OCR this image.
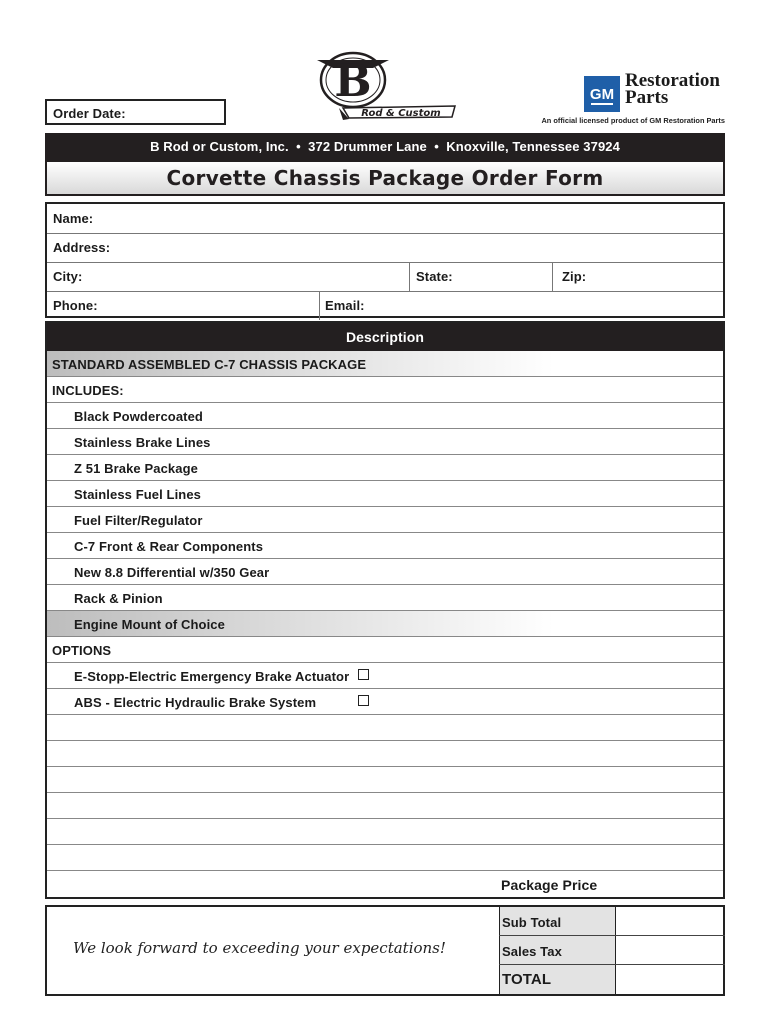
B
Rod & Custom
Order Date:
GM
Restoration
Parts
An official licensed product of GM Restoration Parts
B Rod or Custom, Inc.  •  372 Drummer Lane  •  Knoxville, Tennessee 37924
Corvette Chassis Package Order Form
Name:
Address:
City:	State:	Zip:
Phone:	Email:
Description
STANDARD ASSEMBLED C-7 CHASSIS PACKAGE
INCLUDES:
Black Powdercoated
Stainless Brake Lines
Z 51 Brake Package
Stainless Fuel Lines
Fuel Filter/Regulator
C-7 Front & Rear Components
New 8.8 Differential w/350 Gear
Rack & Pinion
Engine Mount of Choice
OPTIONS
E-Stopp-Electric Emergency Brake Actuator
ABS - Electric Hydraulic Brake System
Package Price
We look forward to exceeding your expectations!
Sub Total
Sales Tax
TOTAL
